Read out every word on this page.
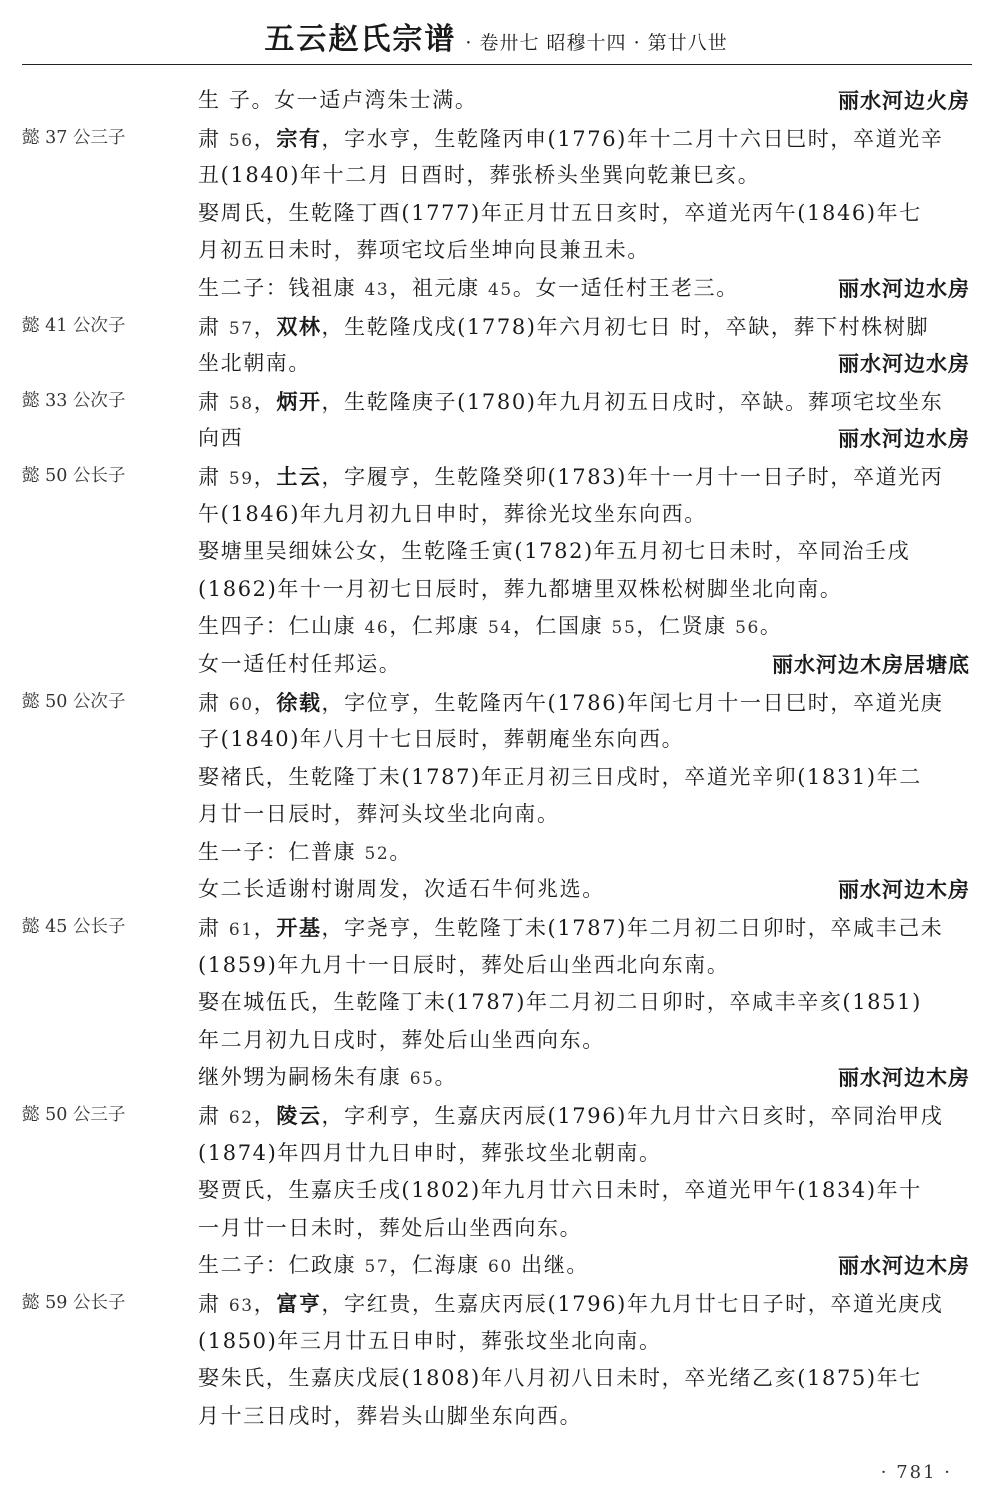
五云赵氏宗谱 · 卷卅七 昭穆十四 · 第廿八世
生 子。女一适卢湾朱士满。	丽水河边火房
懿 37 公三子	肃 56，宗有，字水亨，生乾隆丙申(1776)年十二月十六日巳时，卒道光辛
丑(1840)年十二月 日酉时，葬张桥头坐巽向乾兼巳亥。
娶周氏，生乾隆丁酉(1777)年正月廿五日亥时，卒道光丙午(1846)年七
月初五日未时，葬项宅坟后坐坤向艮兼丑未。
生二子：钱祖康 43，祖元康 45。女一适任村王老三。	丽水河边水房
懿 41 公次子	肃 57，双林，生乾隆戊戌(1778)年六月初七日 时，卒缺，葬下村株树脚
坐北朝南。	丽水河边水房
懿 33 公次子	肃 58，炳开，生乾隆庚子(1780)年九月初五日戌时，卒缺。葬项宅坟坐东
向西	丽水河边水房
懿 50 公长子	肃 59，土云，字履亨，生乾隆癸卯(1783)年十一月十一日子时，卒道光丙
午(1846)年九月初九日申时，葬徐光坟坐东向西。
娶塘里吴细妹公女，生乾隆壬寅(1782)年五月初七日未时，卒同治壬戌
(1862)年十一月初七日辰时，葬九都塘里双株松树脚坐北向南。
生四子：仁山康 46，仁邦康 54，仁国康 55，仁贤康 56。
女一适任村任邦运。	丽水河边木房居塘底
懿 50 公次子	肃 60，徐载，字位亨，生乾隆丙午(1786)年闰七月十一日巳时，卒道光庚
子(1840)年八月十七日辰时，葬朝庵坐东向西。
娶褚氏，生乾隆丁未(1787)年正月初三日戌时，卒道光辛卯(1831)年二
月廿一日辰时，葬河头坟坐北向南。
生一子：仁普康 52。
女二长适谢村谢周发，次适石牛何兆选。	丽水河边木房
懿 45 公长子	肃 61，开基，字尧亨，生乾隆丁未(1787)年二月初二日卯时，卒咸丰己未
(1859)年九月十一日辰时，葬处后山坐西北向东南。
娶在城伍氏，生乾隆丁未(1787)年二月初二日卯时，卒咸丰辛亥(1851)
年二月初九日戌时，葬处后山坐西向东。
继外甥为嗣杨朱有康 65。	丽水河边木房
懿 50 公三子	肃 62，陵云，字利亨，生嘉庆丙辰(1796)年九月廿六日亥时，卒同治甲戌
(1874)年四月廿九日申时，葬张坟坐北朝南。
娶贾氏，生嘉庆壬戌(1802)年九月廿六日未时，卒道光甲午(1834)年十
一月廿一日未时，葬处后山坐西向东。
生二子：仁政康 57，仁海康 60 出继。	丽水河边木房
懿 59 公长子	肃 63，富亨，字红贵，生嘉庆丙辰(1796)年九月廿七日子时，卒道光庚戌
(1850)年三月廿五日申时，葬张坟坐北向南。
娶朱氏，生嘉庆戊辰(1808)年八月初八日未时，卒光绪乙亥(1875)年七
月十三日戌时，葬岩头山脚坐东向西。
· 781 ·
